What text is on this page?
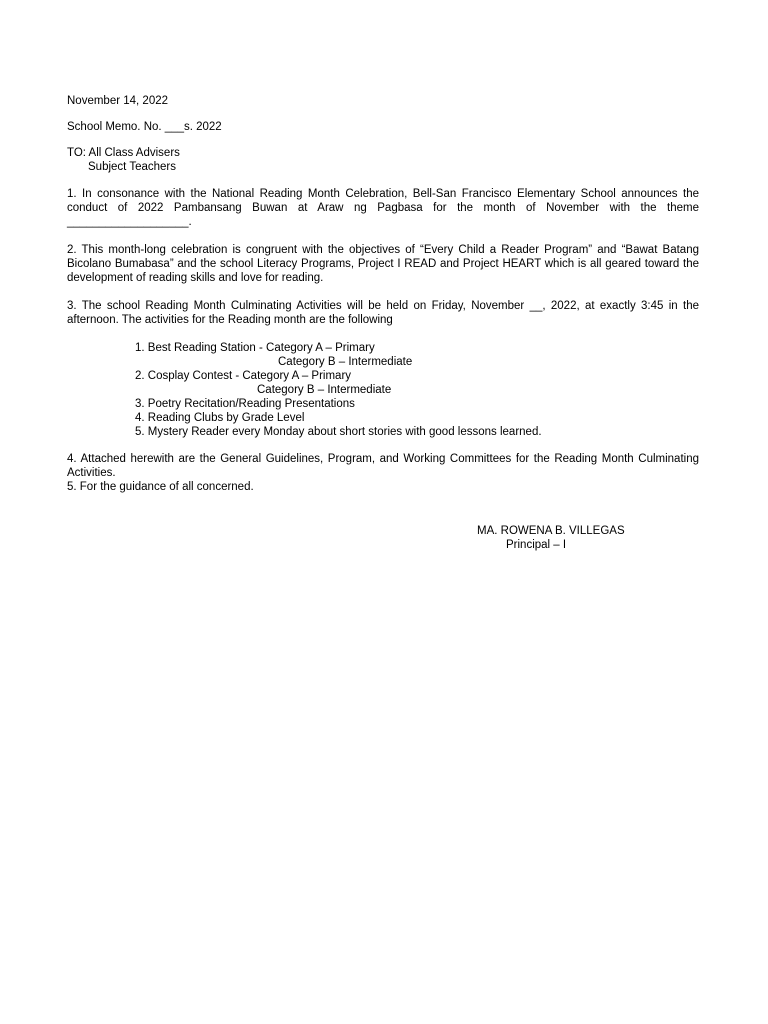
November 14, 2022
School Memo. No. ___s. 2022
TO: All Class Advisers
Subject Teachers
1. In consonance with the National Reading Month Celebration, Bell-San Francisco Elementary School announces the conduct of 2022 Pambansang Buwan at Araw ng Pagbasa for the month of November with the theme ___________________.
2. This month-long celebration is congruent with the objectives of “Every Child a Reader Program” and “Bawat Batang Bicolano Bumabasa” and the school Literacy Programs, Project I READ and Project HEART which is all geared toward the development of reading skills and love for reading.
3. The school Reading Month Culminating Activities will be held on Friday, November __, 2022, at exactly 3:45 in the afternoon. The activities for the Reading month are the following
1. Best Reading Station - Category A – Primary
Category B – Intermediate
2. Cosplay Contest - Category A – Primary
Category B – Intermediate
3. Poetry Recitation/Reading Presentations
4. Reading Clubs by Grade Level
5. Mystery Reader every Monday about short stories with good lessons learned.
4. Attached herewith are the General Guidelines, Program, and Working Committees for the Reading Month Culminating Activities.
5. For the guidance of all concerned.
MA. ROWENA B. VILLEGAS
Principal – I
